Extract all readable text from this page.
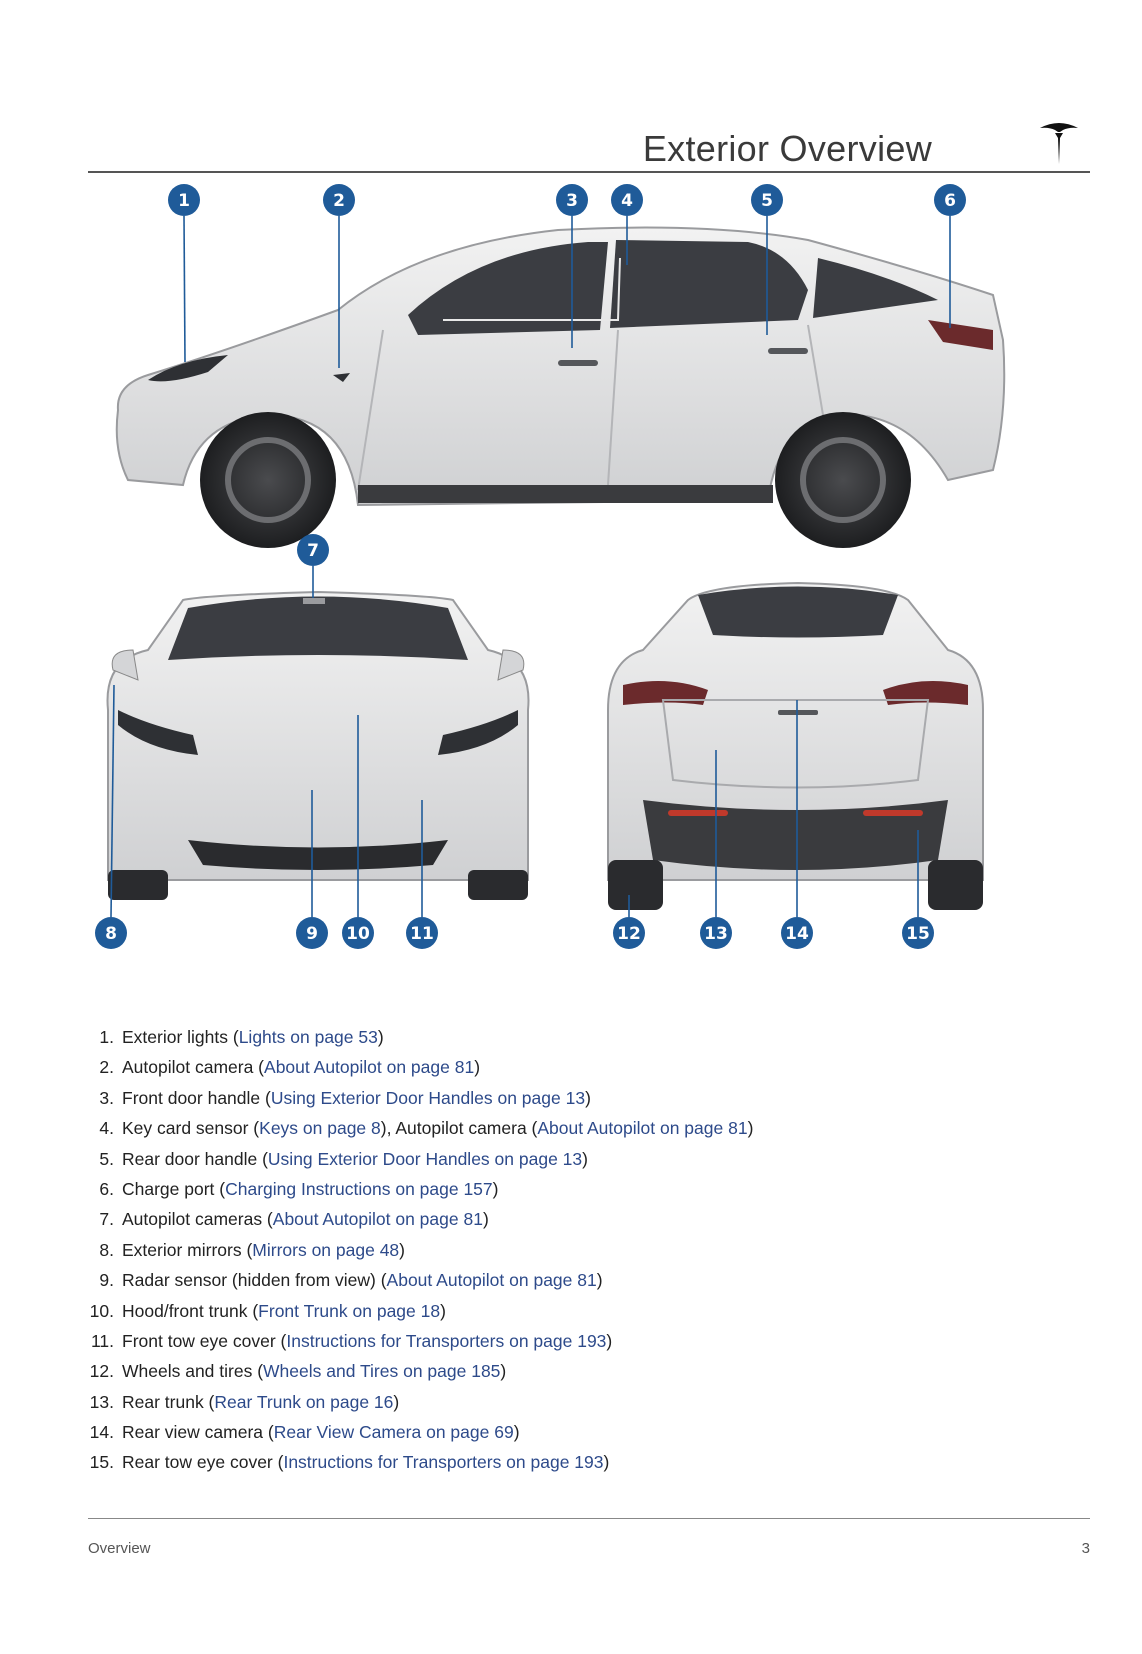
Exterior Overview
1	2	3	4	5	6
7
8	9 10 11	12	13	14	15
1. Exterior lights (Lights on page 53)
2. Autopilot camera (About Autopilot on page 81)
3. Front door handle (Using Exterior Door Handles on page 13)
4. Key card sensor (Keys on page 8), Autopilot camera (About Autopilot on page 81)
5. Rear door handle (Using Exterior Door Handles on page 13)
6. Charge port (Charging Instructions on page 157)
7. Autopilot cameras (About Autopilot on page 81)
8. Exterior mirrors (Mirrors on page 48)
9. Radar sensor (hidden from view) (About Autopilot on page 81)
10. Hood/front trunk (Front Trunk on page 18)
11. Front tow eye cover (Instructions for Transporters on page 193)
12. Wheels and tires (Wheels and Tires on page 185)
13. Rear trunk (Rear Trunk on page 16)
14. Rear view camera (Rear View Camera on page 69)
15. Rear tow eye cover (Instructions for Transporters on page 193)
Overview	3
